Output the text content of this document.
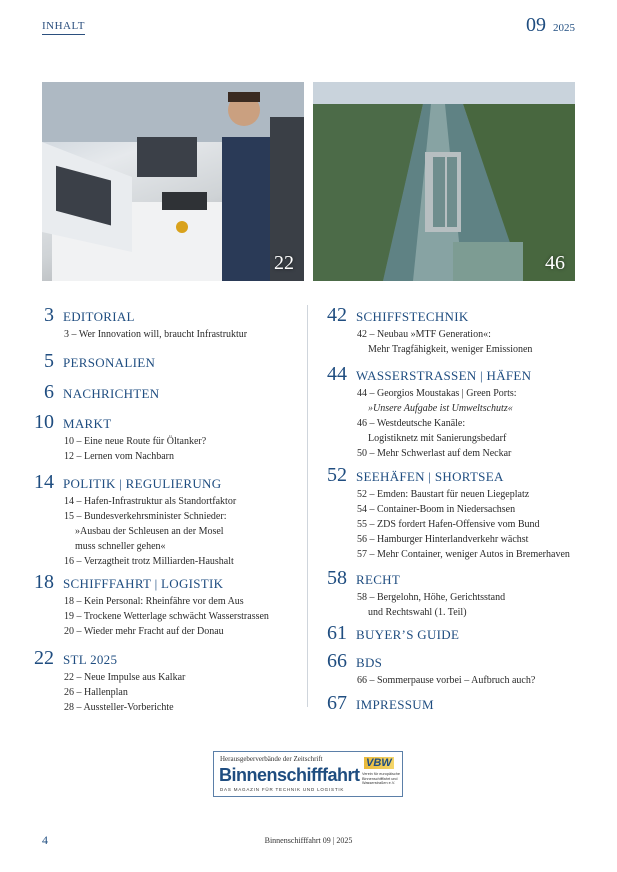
INHALT	09 2025
22	46
3 EDITORIAL
3 – Wer Innovation will, braucht Infrastruktur
5 PERSONALIEN
6 NACHRICHTEN
10 MARKT
10 – Eine neue Route für Öltanker?
12 – Lernen vom Nachbarn
14 POLITIK | REGULIERUNG
14 – Hafen-Infrastruktur als Standortfaktor
15 – Bundesverkehrsminister Schnieder:
»Ausbau der Schleusen an der Mosel
muss schneller gehen«
16 – Verzagtheit trotz Milliarden-Haushalt
18 SCHIFFFAHRT | LOGISTIK
18 – Kein Personal: Rheinfähre vor dem Aus
19 – Trockene Wetterlage schwächt Wasserstrassen
20 – Wieder mehr Fracht auf der Donau
22 STL 2025
22 – Neue Impulse aus Kalkar
26 – Hallenplan
28 – Aussteller-Vorberichte
42 SCHIFFSTECHNIK
42 – Neubau »MTF Generation«:
Mehr Tragfähigkeit, weniger Emissionen
44 WASSERSTRASSEN | HÄFEN
44 – Georgios Moustakas | Green Ports:
»Unsere Aufgabe ist Umweltschutz«
46 – Westdeutsche Kanäle:
Logistiknetz mit Sanierungsbedarf
50 – Mehr Schwerlast auf dem Neckar
52 SEEHÄFEN | SHORTSEA
52 – Emden: Baustart für neuen Liegeplatz
54 – Container-Boom in Niedersachsen
55 – ZDS fordert Hafen-Offensive vom Bund
56 – Hamburger Hinterlandverkehr wächst
57 – Mehr Container, weniger Autos in Bremerhaven
58 RECHT
58 – Bergelohn, Höhe, Gerichtsstand
und Rechtswahl (1. Teil)
61 BUYER’S GUIDE
66 BDS
66 – Sommerpause vorbei – Aufbruch auch?
67 IMPRESSUM
Herausgeberverbände der Zeitschrift
Binnenschifffahrt
DAS MAGAZIN FÜR TECHNIK UND LOGISTIK
VBW
Verein für europäische Binnenschifffahrt und Wasserstraßen e.V.
4	Binnenschifffahrt 09 | 2025
